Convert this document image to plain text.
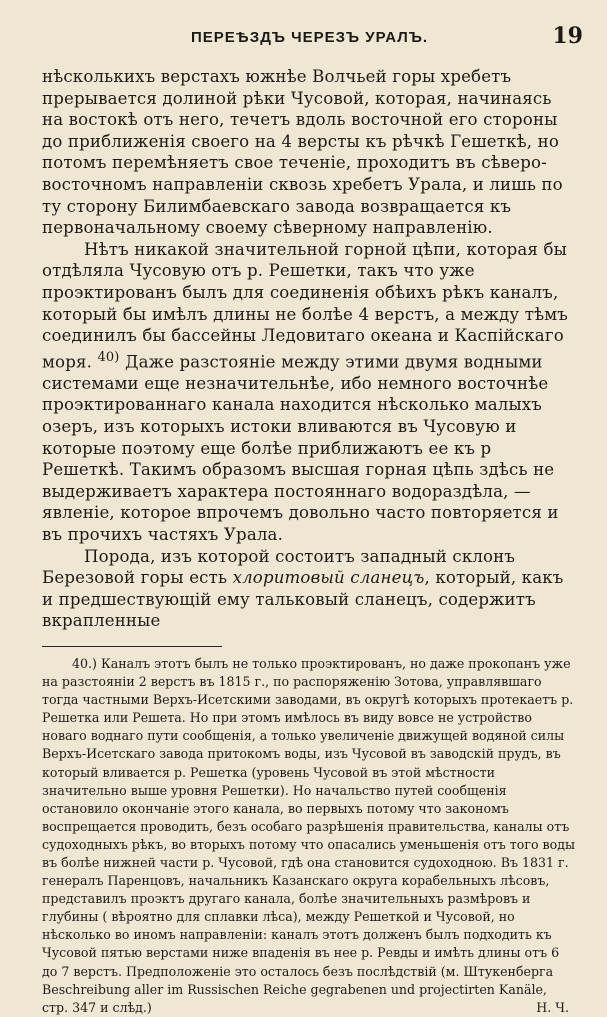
ПЕРЕѢЗДЪ ЧЕРЕЗЪ УРАЛЪ.	19

нѣсколькихъ верстахъ южнѣе Волчьей горы хребетъ прерывается долиной рѣки Чусовой, которая, начинаясь на востокѣ отъ него, течетъ вдоль восточной его стороны до приближенія своего на 4 версты къ рѣчкѣ Гешеткѣ, но потомъ перемѣняетъ свое теченіе, проходитъ въ сѣверо-восточномъ направленіи сквозь хребетъ Урала, и лишь по ту сторону Билимбаевскаго завода возвращается къ первоначальному своему сѣверному направленію.

Нѣтъ никакой значительной горной цѣпи, которая бы отдѣляла Чусовую отъ р. Решетки, такъ что уже проэктированъ былъ для соединенія обѣихъ рѣкъ каналъ, который бы имѣлъ длины не болѣе 4 верстъ, а между тѣмъ соединилъ бы бассейны Ледовитаго океана и Каспійскаго моря. $^{40)}$ Даже разстояніе между этими двумя водными системами еще незначительнѣе, ибо немного восточнѣе проэктированнаго канала находится нѣсколько малыхъ озеръ, изъ которыхъ истоки вливаются въ Чусовую и которые поэтому еще болѣе приближаютъ ее къ р Решеткѣ. Такимъ образомъ высшая горная цѣпь здѣсь не выдерживаетъ характера постояннаго водораздѣла, — явленіе, которое впрочемъ довольно часто повторяется и въ прочихъ частяхъ Урала.

Порода, изъ которой состоитъ западный склонъ Березовой горы есть хлоритовый сланецъ, который, какъ и предшествующій ему тальковый сланецъ, содержитъ вкрапленные

40.) Каналъ этотъ былъ не только проэктированъ, но даже прокопанъ уже на разстояніи 2 верстъ въ 1815 г., по распоряженію Зотова, управлявшаго тогда частными Верхъ-Исетскими заводами, въ округѣ которыхъ протекаетъ р. Решетка или Решета. Но при этомъ имѣлось въ виду вовсе не устройство новаго воднаго пути сообщенія, а только увеличеніе движущей водяной силы Верхъ-Исетскаго завода притокомъ воды, изъ Чусовой въ заводскій прудъ, въ который вливается р. Решетка (уровень Чусовой въ этой мѣстности значительно выше уровня Решетки). Но начальство путей сообщенія остановило окончаніе этого канала, во первыхъ потому что закономъ воспрещается проводить, безъ особаго разрѣшенія правительства, каналы отъ судоходныхъ рѣкъ, во вторыхъ потому что опасались уменьшенія отъ того воды въ болѣе нижней части р. Чусовой, гдѣ она становится судоходною. Въ 1831 г. генералъ Паренцовъ, начальникъ Казанскаго округа корабельныхъ лѣсовъ, представилъ проэктъ другаго канала, болѣе значительныхъ размѣровъ и глубины ( вѣроятно для сплавки лѣса), между Решеткой и Чусовой, но нѣсколько во иномъ направленіи: каналъ этотъ долженъ былъ подходить къ Чусовой пятью верстами ниже впаденія въ нее р. Ревды и имѣть длины отъ 6 до 7 верстъ. Предположеніе это осталось безъ послѣдствій (м. Штукенберга Beschreibung aller im Russischen Reiche gegrabenen und projectirten Kanäle,

стр. 347 и слѣд.)	Н. Ч.
